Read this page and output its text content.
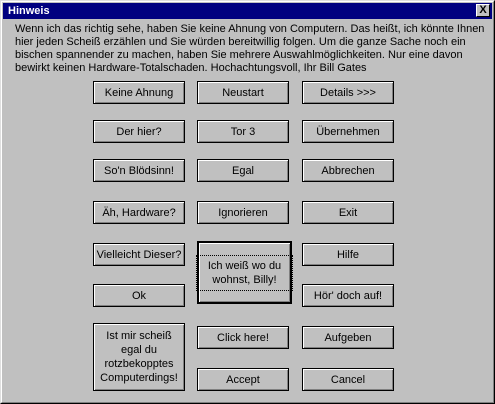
Hinweis	X
Wenn ich das richtig sehe, haben Sie keine Ahnung von Computern. Das heißt, ich könnte Ihnen hier jeden Scheiß erzählen und Sie würden bereitwillig folgen. Um die ganze Sache noch ein bischen spannender zu machen, haben Sie mehrere Auswahlmöglichkeiten. Nur eine davon bewirkt keinen Hardware-Totalschaden. Hochachtungsvoll, Ihr Bill Gates
Keine Ahnung
Der hier?
So'n Blödsinn!
Äh, Hardware?
Vielleicht Dieser?
Ok
Ist mir scheiß egal du rotzbekopptes Computerdings!
Neustart
Tor 3
Egal
Ignorieren
Ich weiß wo du wohnst, Billy!
Click here!
Accept
Details >>>
Übernehmen
Abbrechen
Exit
Hilfe
Hör' doch auf!
Aufgeben
Cancel
